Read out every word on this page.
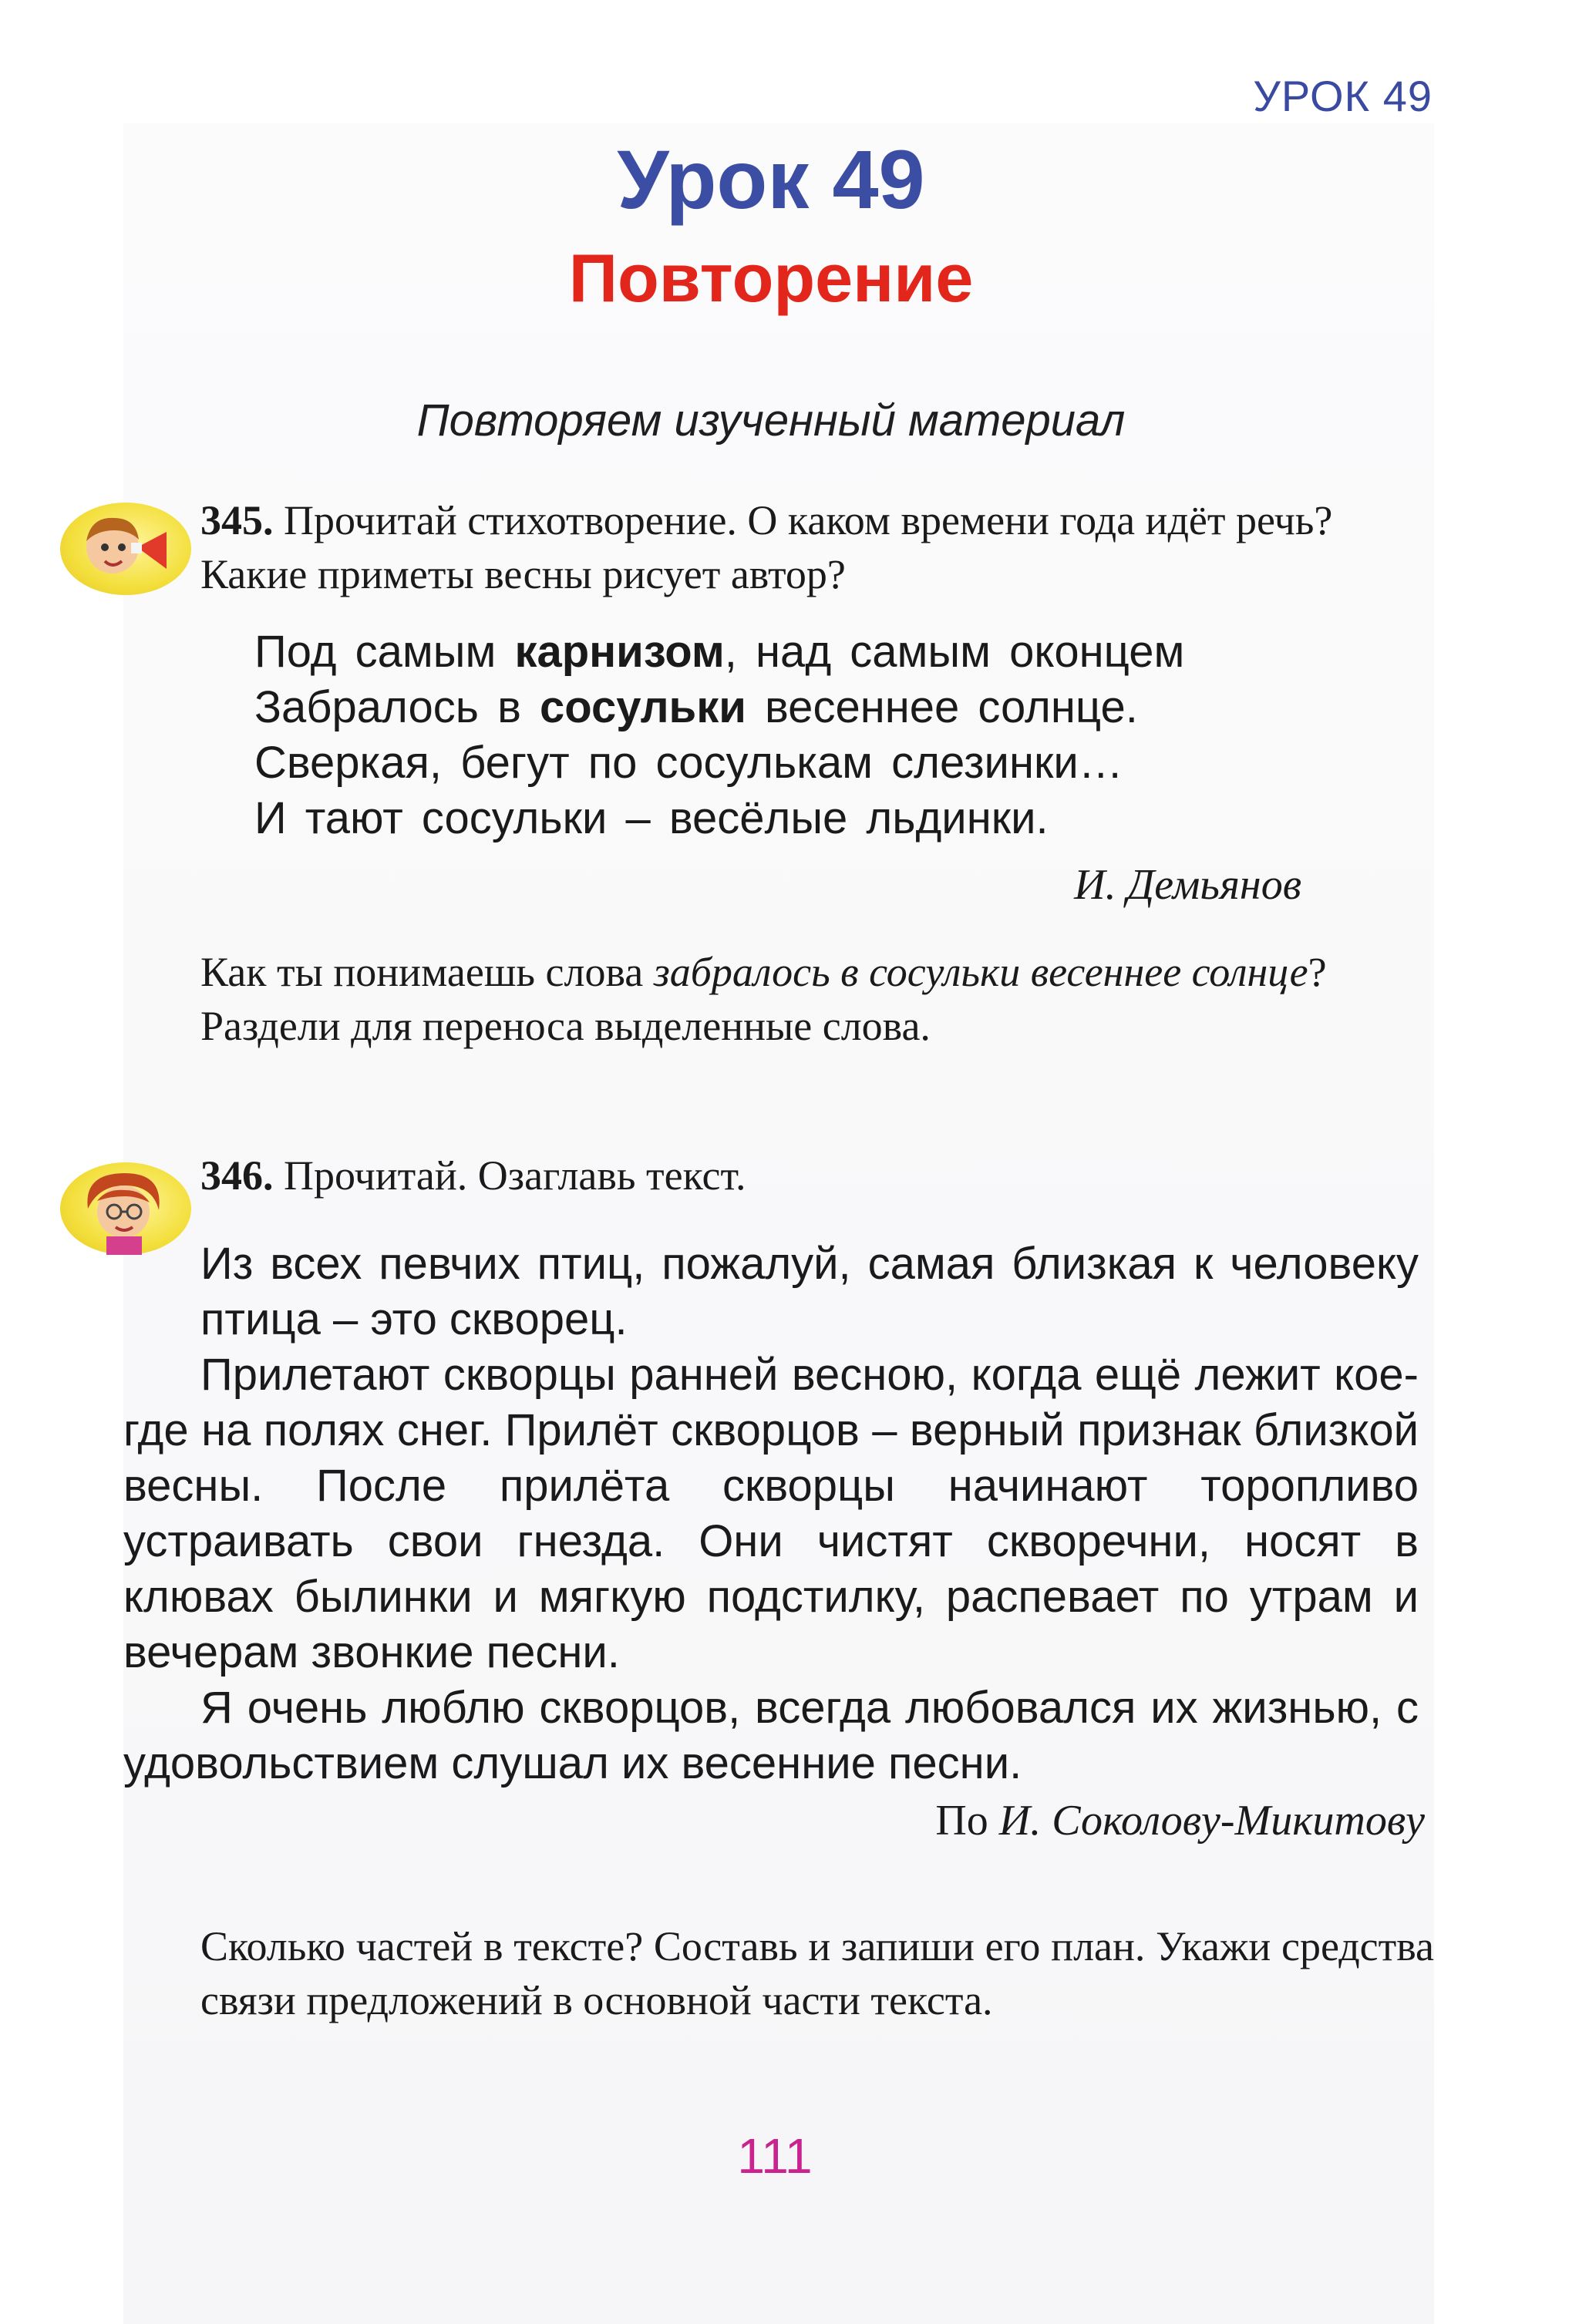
УРОК 49
Урок 49
Повторение
Повторяем изученный материал
345. Прочитай стихотворение. О каком времени года идёт речь? Какие приметы весны рисует автор?
Под самым карнизом, над самым оконцем
Забралось в сосульки весеннее солнце.
Сверкая, бегут по сосулькам слезинки…
И тают сосульки – весёлые льдинки.
И. Демьянов
Как ты понимаешь слова забралось в сосульки весеннее солнце?
Раздели для переноса выделенные слова.
346. Прочитай. Озаглавь текст.

Из всех певчих птиц, пожалуй, самая близкая к человеку птица – это скворец.

Прилетают скворцы ранней весною, когда ещё лежит кое-где на полях снег. Прилёт скворцов – верный признак близкой весны. После прилёта скворцы начинают торопливо устраивать свои гнезда. Они чистят скворечни, носят в клювах былинки и мягкую подстилку, распевает по утрам и вечерам звонкие песни.

Я очень люблю скворцов, всегда любовался их жизнью, с удовольствием слушал их весенние песни.

По И. Соколову-Микитову
Сколько частей в тексте? Составь и запиши его план. Укажи средства связи предложений в основной части текста.
111
